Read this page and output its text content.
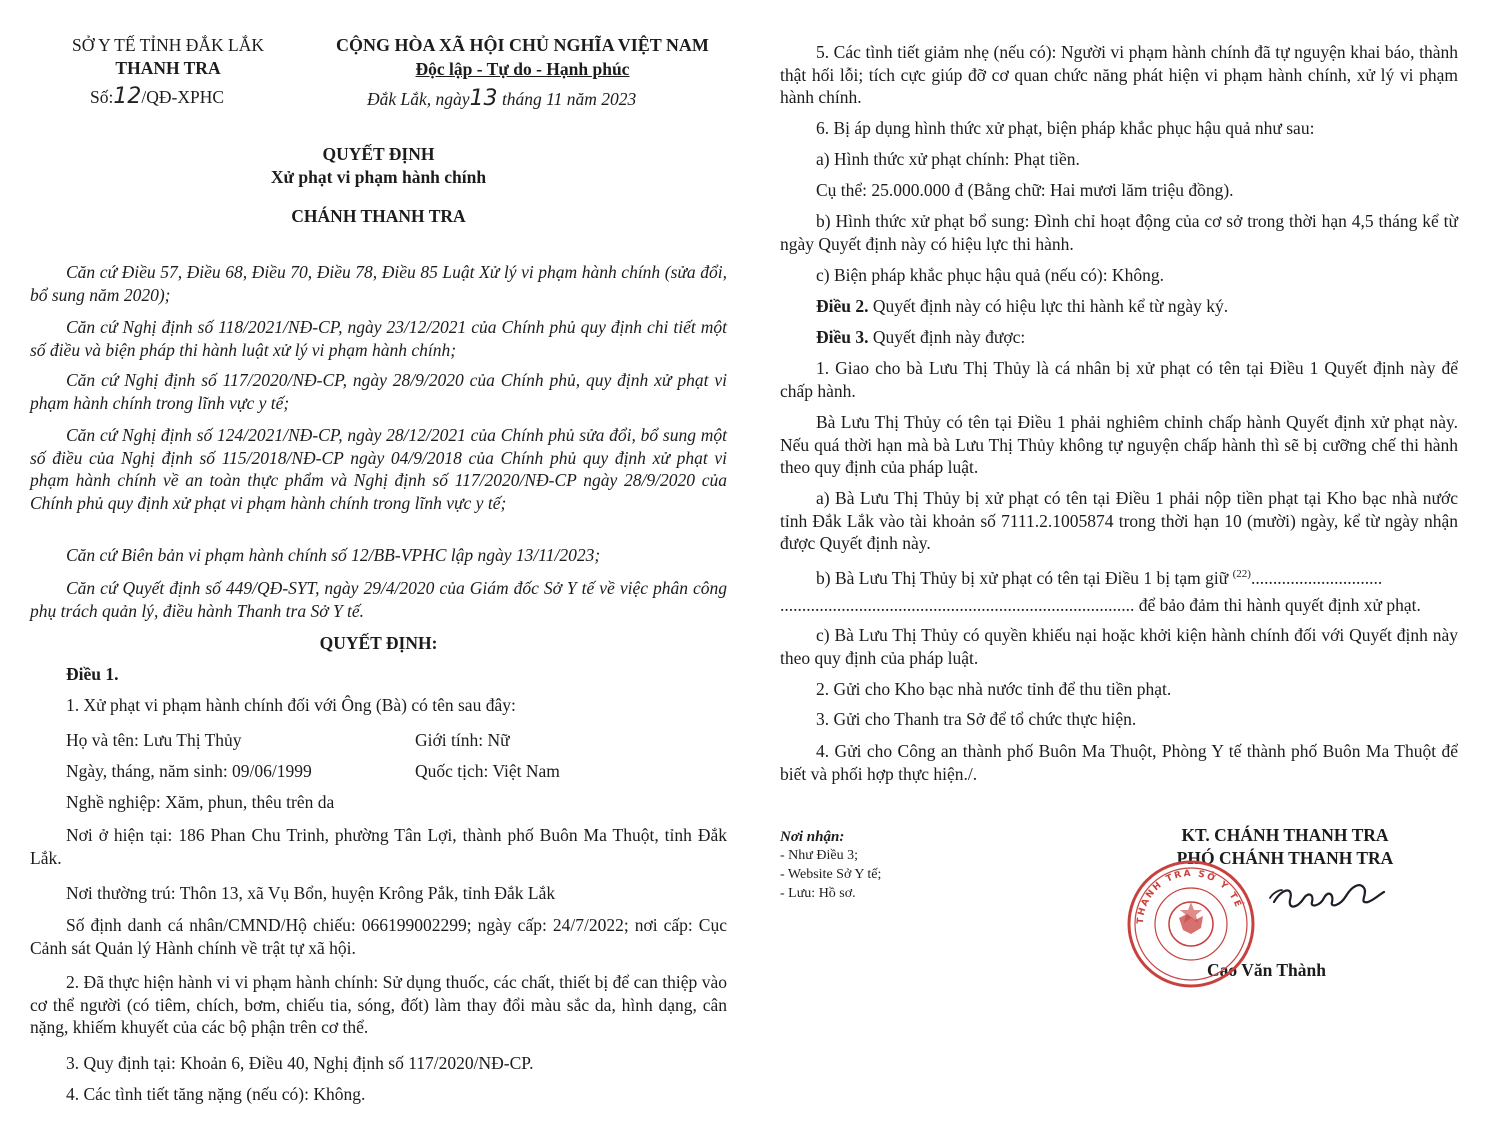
SỞ Y TẾ TỈNH ĐẮK LẮK
THANH TRA
Số:12/QĐ-XPHC
CỘNG HÒA XÃ HỘI CHỦ NGHĨA VIỆT NAM
Độc lập - Tự do - Hạnh phúc
Đắk Lắk, ngày13 tháng 11 năm 2023
QUYẾT ĐỊNH
Xử phạt vi phạm hành chính
CHÁNH THANH TRA

Căn cứ Điều 57, Điều 68, Điều 70, Điều 78, Điều 85 Luật Xử lý vi phạm hành chính (sửa đổi, bổ sung năm 2020);

Căn cứ Nghị định số 118/2021/NĐ-CP, ngày 23/12/2021 của Chính phủ quy định chi tiết một số điều và biện pháp thi hành luật xử lý vi phạm hành chính;

Căn cứ Nghị định số 117/2020/NĐ-CP, ngày 28/9/2020 của Chính phủ, quy định xử phạt vi phạm hành chính trong lĩnh vực y tế;

Căn cứ Nghị định số 124/2021/NĐ-CP, ngày 28/12/2021 của Chính phủ sửa đổi, bổ sung một số điều của Nghị định số 115/2018/NĐ-CP ngày 04/9/2018 của Chính phủ quy định xử phạt vi phạm hành chính về an toàn thực phẩm và Nghị định số 117/2020/NĐ-CP ngày 28/9/2020 của Chính phủ quy định xử phạt vi phạm hành chính trong lĩnh vực y tế;

Căn cứ Biên bản vi phạm hành chính số 12/BB-VPHC lập ngày 13/11/2023;

Căn cứ Quyết định số 449/QĐ-SYT, ngày 29/4/2020 của Giám đốc Sở Y tế về việc phân công phụ trách quản lý, điều hành Thanh tra Sở Y tế.

QUYẾT ĐỊNH:
Điều 1.

1. Xử phạt vi phạm hành chính đối với Ông (Bà) có tên sau đây:

Họ và tên: Lưu Thị Thủy	Giới tính: Nữ
Ngày, tháng, năm sinh: 09/06/1999	Quốc tịch: Việt Nam
Nghề nghiệp: Xăm, phun, thêu trên da

Nơi ở hiện tại: 186 Phan Chu Trinh, phường Tân Lợi, thành phố Buôn Ma Thuột, tỉnh Đắk Lắk.

Nơi thường trú: Thôn 13, xã Vụ Bổn, huyện Krông Pắk, tỉnh Đắk Lắk

Số định danh cá nhân/CMND/Hộ chiếu: 066199002299; ngày cấp: 24/7/2022; nơi cấp: Cục Cảnh sát Quản lý Hành chính về trật tự xã hội.

2. Đã thực hiện hành vi vi phạm hành chính: Sử dụng thuốc, các chất, thiết bị để can thiệp vào cơ thể người (có tiêm, chích, bơm, chiếu tia, sóng, đốt) làm thay đổi màu sắc da, hình dạng, cân nặng, khiếm khuyết của các bộ phận trên cơ thể.

3. Quy định tại: Khoản 6, Điều 40, Nghị định số 117/2020/NĐ-CP.

4. Các tình tiết tăng nặng (nếu có): Không.

5. Các tình tiết giảm nhẹ (nếu có): Người vi phạm hành chính đã tự nguyện khai báo, thành thật hối lỗi; tích cực giúp đỡ cơ quan chức năng phát hiện vi phạm hành chính, xử lý vi phạm hành chính.

6. Bị áp dụng hình thức xử phạt, biện pháp khắc phục hậu quả như sau:

a) Hình thức xử phạt chính: Phạt tiền.

Cụ thể: 25.000.000 đ (Bằng chữ: Hai mươi lăm triệu đồng).

b) Hình thức xử phạt bổ sung: Đình chỉ hoạt động của cơ sở trong thời hạn 4,5 tháng kể từ ngày Quyết định này có hiệu lực thi hành.

c) Biện pháp khắc phục hậu quả (nếu có): Không.

Điều 2. Quyết định này có hiệu lực thi hành kể từ ngày ký.

Điều 3. Quyết định này được:

1. Giao cho bà Lưu Thị Thủy là cá nhân bị xử phạt có tên tại Điều 1 Quyết định này để chấp hành.

Bà Lưu Thị Thủy có tên tại Điều 1 phải nghiêm chỉnh chấp hành Quyết định xử phạt này. Nếu quá thời hạn mà bà Lưu Thị Thủy không tự nguyện chấp hành thì sẽ bị cưỡng chế thi hành theo quy định của pháp luật.

a) Bà Lưu Thị Thủy bị xử phạt có tên tại Điều 1 phải nộp tiền phạt tại Kho bạc nhà nước tỉnh Đắk Lắk vào tài khoản số 7111.2.1005874 trong thời hạn 10 (mười) ngày, kể từ ngày nhận được Quyết định này.

b) Bà Lưu Thị Thủy bị xử phạt có tên tại Điều 1 bị tạm giữ $^{(22)}$..............................
................................................................................. để bảo đảm thi hành quyết định xử phạt.

c) Bà Lưu Thị Thủy có quyền khiếu nại hoặc khởi kiện hành chính đối với Quyết định này theo quy định của pháp luật.

2. Gửi cho Kho bạc nhà nước tỉnh để thu tiền phạt.

3. Gửi cho Thanh tra Sở để tổ chức thực hiện.

4. Gửi cho Công an thành phố Buôn Ma Thuột, Phòng Y tế thành phố Buôn Ma Thuột để biết và phối hợp thực hiện./.

Nơi nhận:
- Như Điều 3;
- Website Sở Y tế;
- Lưu: Hồ sơ.
KT. CHÁNH THANH TRA
PHÓ CHÁNH THANH TRA
Cao Văn Thành
THANH TRA SỞ Y TẾ
